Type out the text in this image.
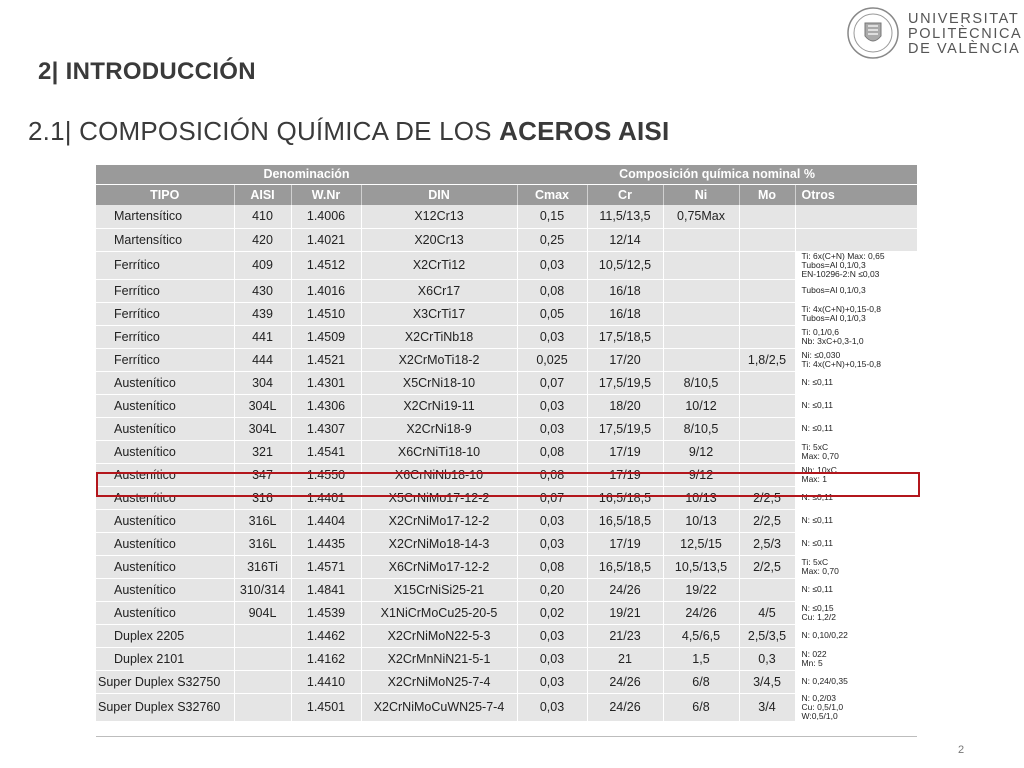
2| INTRODUCCIÓN
2.1| COMPOSICIÓN QUÍMICA DE LOS ACEROS AISI
UNIVERSITAT
POLITÈCNICA
DE VALÈNCIA
Denominación				Composición química nominal %				
TIPO	AISI	W.Nr	DIN	Cmax	Cr	Ni	Mo	Otros
Martensítico	410	1.4006	X12Cr13	0,15	11,5/13,5	0,75Max		
Martensítico	420	1.4021	X20Cr13	0,25	12/14			
Ferrítico	409	1.4512	X2CrTi12	0,03	10,5/12,5			Ti: 6x(C+N) Max: 0,65
Tubos=Al 0,1/0,3
EN-10296-2:N ≤0,03

Ferrítico	430	1.4016	X6Cr17	0,08	16/18			Tubos=Al 0,1/0,3

Ferrítico	439	1.4510	X3CrTi17	0,05	16/18			Ti: 4x(C+N)+0,15-0,8
Tubos=Al 0,1/0,3

Ferrítico	441	1.4509	X2CrTiNb18	0,03	17,5/18,5			Ti: 0,1/0,6
Nb: 3xC+0,3-1,0

Ferrítico	444	1.4521	X2CrMoTi18-2	0,025	17/20		1,8/2,5	Ni: ≤0,030
Ti: 4x(C+N)+0,15-0,8

Austenítico	304	1.4301	X5CrNi18-10	0,07	17,5/19,5	8/10,5		N: ≤0,11

Austenítico	304L	1.4306	X2CrNi19-11	0,03	18/20	10/12		N: ≤0,11

Austenítico	304L	1.4307	X2CrNi18-9	0,03	17,5/19,5	8/10,5		N: ≤0,11

Austenítico	321	1.4541	X6CrNiTi18-10	0,08	17/19	9/12		Ti: 5xC
Max: 0,70

Austenítico	347	1.4550	X6CrNiNb18-10	0,08	17/19	9/12		Nb: 10xC
Max: 1

Austenítico	316	1.4401	X5CrNiMo17-12-2	0,07	16,5/18,5	10/13	2/2,5	N: ≤0,11

Austenítico	316L	1.4404	X2CrNiMo17-12-2	0,03	16,5/18,5	10/13	2/2,5	N: ≤0,11

Austenítico	316L	1.4435	X2CrNiMo18-14-3	0,03	17/19	12,5/15	2,5/3	N: ≤0,11

Austenítico	316Ti	1.4571	X6CrNiMo17-12-2	0,08	16,5/18,5	10,5/13,5	2/2,5	Ti: 5xC
Max: 0,70

Austenítico	310/314	1.4841	X15CrNiSi25-21	0,20	24/26	19/22		N: ≤0,11

Austenítico	904L	1.4539	X1NiCrMoCu25-20-5	0,02	19/21	24/26	4/5	N: ≤0,15
Cu: 1,2/2

Duplex 2205		1.4462	X2CrNiMoN22-5-3	0,03	21/23	4,5/6,5	2,5/3,5	N: 0,10/0,22

Duplex 2101		1.4162	X2CrMnNiN21-5-1	0,03	21	1,5	0,3	N: 022
Mn: 5

Super Duplex S32750		1.4410	X2CrNiMoN25-7-4	0,03	24/26	6/8	3/4,5	N: 0,24/0,35

Super Duplex S32760		1.4501	X2CrNiMoCuWN25-7-4	0,03	24/26	6/8	3/4	N: 0,2/03
Cu: 0,5/1,0
W:0,5/1,0
2
